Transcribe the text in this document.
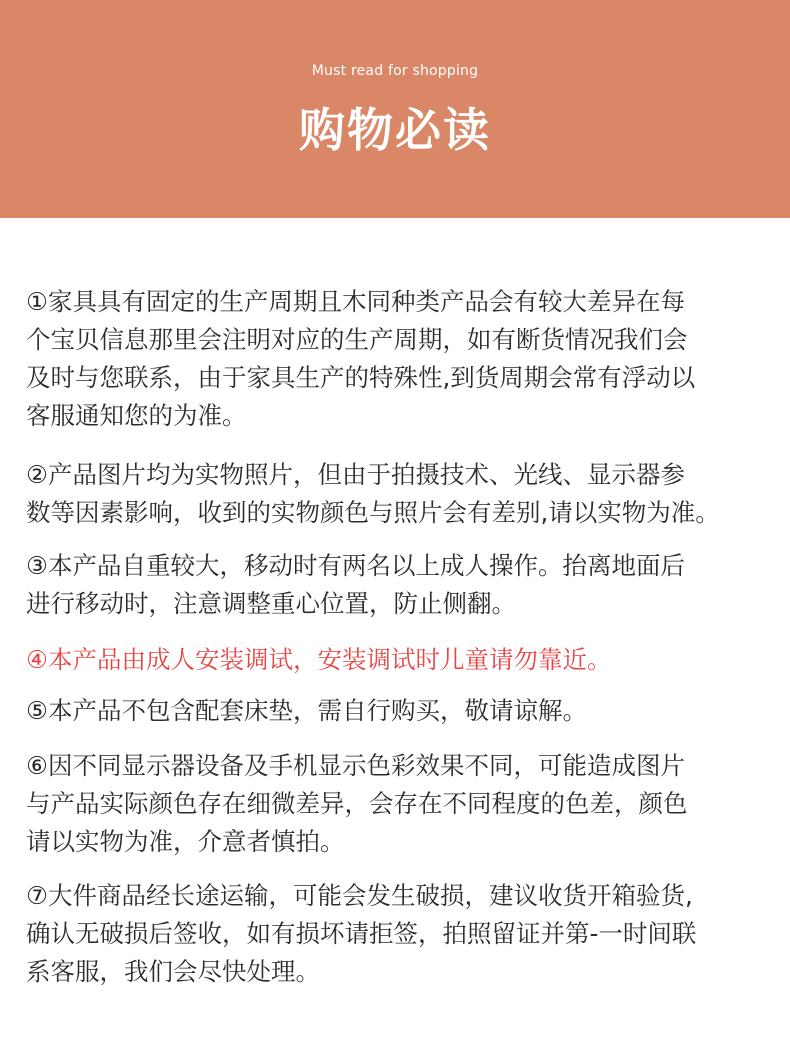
Must read for shopping
购物必读
①家具具有固定的生产周期且木同种类产品会有较大差异在每
个宝贝信息那里会注明对应的生产周期，如有断货情况我们会
及时与您联系，由于家具生产的特殊性,到货周期会常有浮动以
客服通知您的为准。
②产品图片均为实物照片，但由于拍摄技术、光线、显示器参
数等因素影响，收到的实物颜色与照片会有差别,请以实物为准。
③本产品自重较大，移动时有两名以上成人操作。抬离地面后
进行移动时，注意调整重心位置，防止侧翻。
④本产品由成人安装调试，安装调试时儿童请勿靠近。
⑤本产品不包含配套床垫，需自行购买，敬请谅解。
⑥因不同显示器设备及手机显示色彩效果不同，可能造成图片
与产品实际颜色存在细微差异，会存在不同程度的色差，颜色
请以实物为准，介意者慎拍。
⑦大件商品经长途运输，可能会发生破损，建议收货开箱验货,
确认无破损后签收，如有损坏请拒签，拍照留证并第-一时间联
系客服，我们会尽快处理。
